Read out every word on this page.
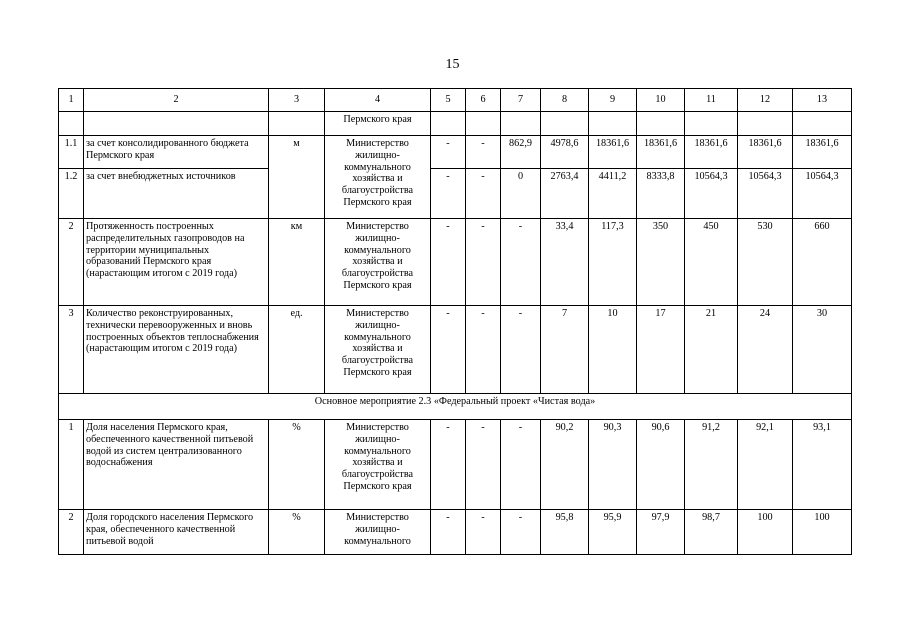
15
1	2	3	4	5	6	7	8	9	10	11	12	13
			Пермского края									
1.1	за счет консолидированного бюджета Пермского края	м	Министерство жилищно-коммунального хозяйства и благоустройства Пермского края	-	-	862,9	4978,6	18361,6	18361,6	18361,6	18361,6	18361,6
1.2	за счет внебюджетных источников			-	-	0	2763,4	4411,2	8333,8	10564,3	10564,3	10564,3
2	Протяженность построенных распределительных газопроводов на территории муниципальных образований Пермского края (нарастающим итогом с 2019 года)	км	Министерство жилищно-коммунального хозяйства и благоустройства Пермского края	-	-	-	33,4	117,3	350	450	530	660
3	Количество реконструированных, технически перевооруженных и вновь построенных объектов теплоснабжения (нарастающим итогом с 2019 года)	ед.	Министерство жилищно-коммунального хозяйства и благоустройства Пермского края	-	-	-	7	10	17	21	24	30
Основное мероприятие 2.3 «Федеральный проект «Чистая вода»												
1	Доля населения Пермского края, обеспеченного качественной питьевой водой из систем централизованного водоснабжения	%	Министерство жилищно-коммунального хозяйства и благоустройства Пермского края	-	-	-	90,2	90,3	90,6	91,2	92,1	93,1
2	Доля городского населения Пермского края, обеспеченного качественной питьевой водой	%	Министерство жилищно-коммунального	-	-	-	95,8	95,9	97,9	98,7	100	100
